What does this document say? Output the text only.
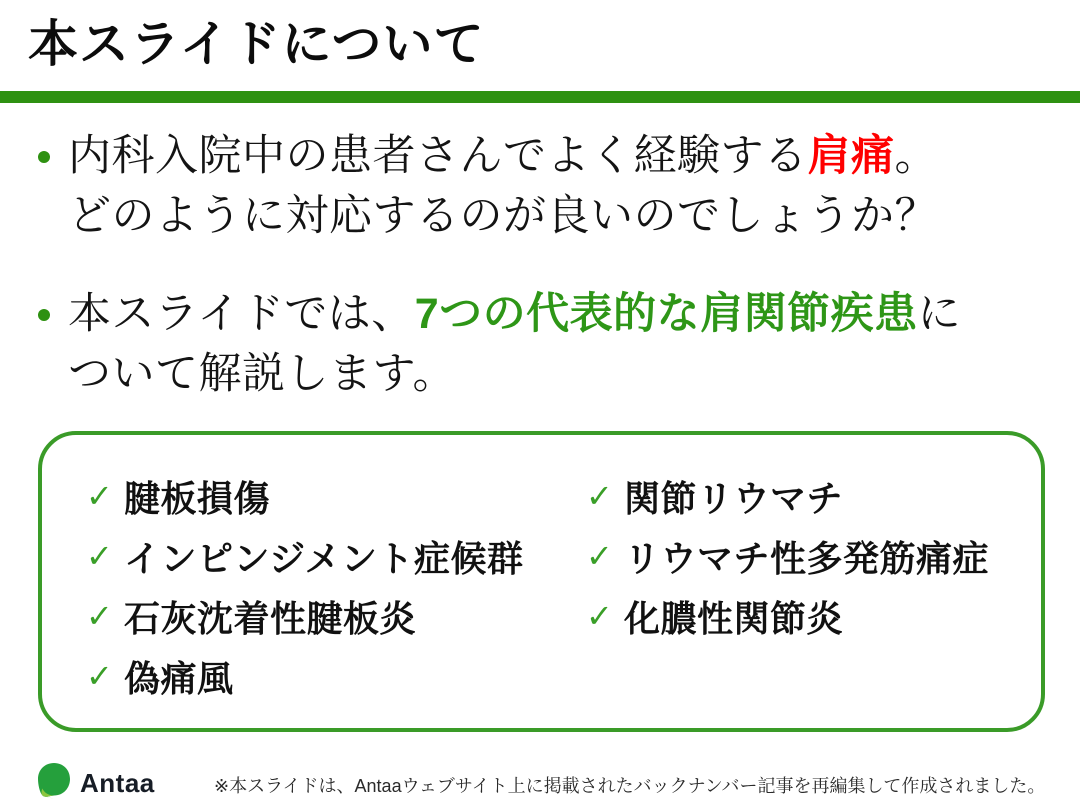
本スライドについて

内科入院中の患者さんでよく経験する肩痛。
どのように対応するのが良いのでしょうか？

本スライドでは、7つの代表的な肩関節疾患に
ついて解説します。

✓ 腱板損傷
✓ インピンジメント症候群
✓ 石灰沈着性腱板炎
✓ 偽痛風
✓ 関節リウマチ
✓ リウマチ性多発筋痛症
✓ 化膿性関節炎
Antaa	※本スライドは、Antaaウェブサイト上に掲載されたバックナンバー記事を再編集して作成されました。
